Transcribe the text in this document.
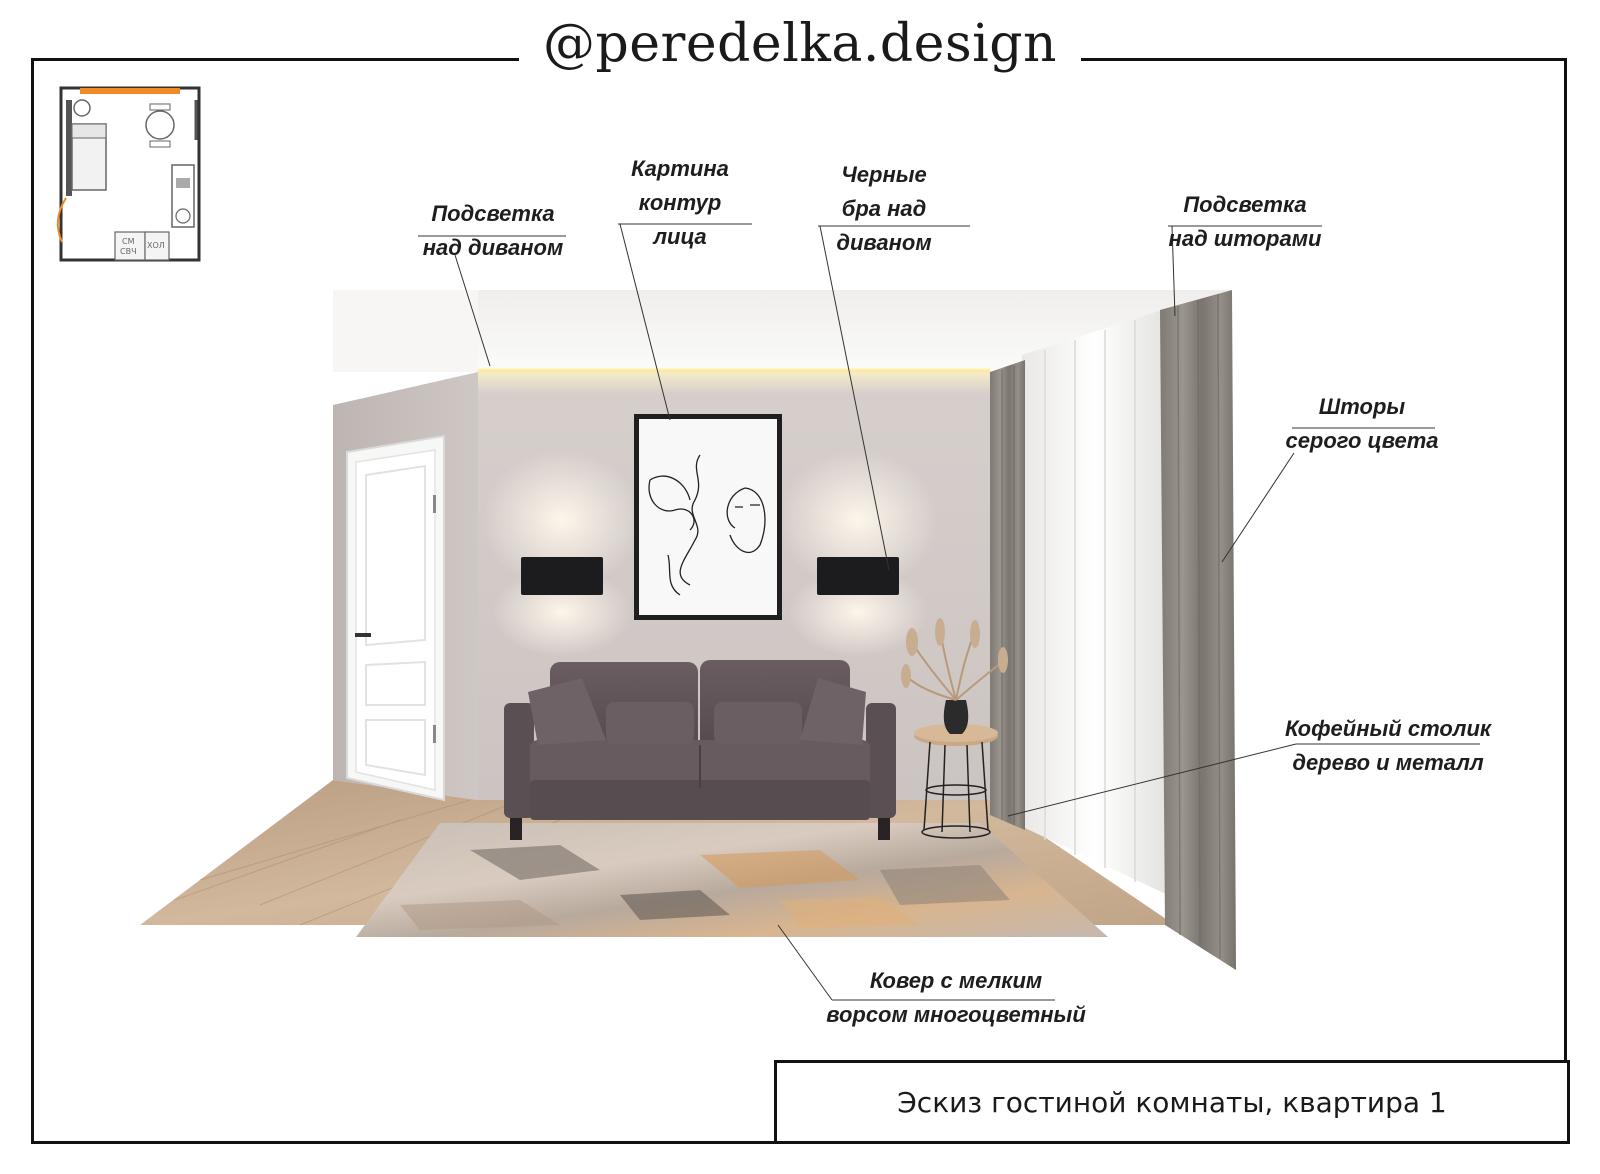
@peredelka.design
СМ
СВЧ
ХОЛ
Подсветка
над диваном
Картина
контур
лица
Черные
бра над
диваном
Подсветка
над шторами
Шторы
серого цвета
Кофейный столик
дерево и металл
Ковер с мелким
ворсом многоцветный
Эскиз гостиной комнаты, квартира 1
